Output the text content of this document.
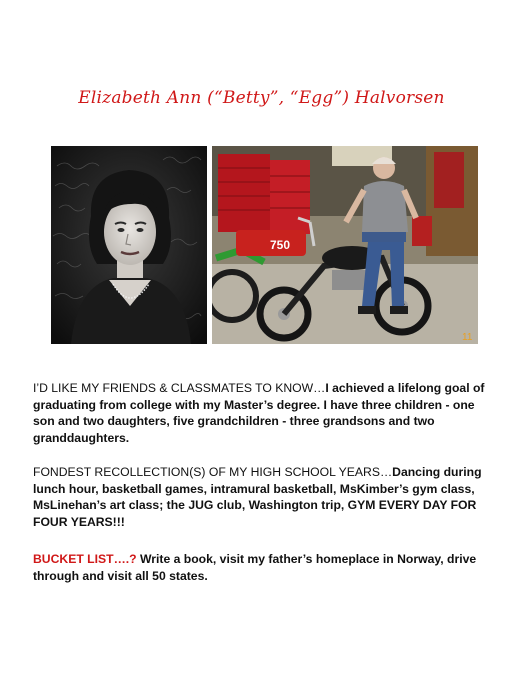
Elizabeth Ann (“Betty”, “Egg”) Halvorsen
750
11
I’D LIKE MY FRIENDS & CLASSMATES TO KNOW…I achieved a lifelong goal of graduating from college with my Master’s degree. I have three children - one son and two daughters, five grandchildren - three grandsons and two granddaughters.
FONDEST RECOLLECTION(S) OF MY HIGH SCHOOL YEARS…Dancing during lunch hour, basketball games, intramural basketball, MsKimber’s gym class, MsLinehan’s art class; the JUG club, Washington trip, GYM EVERY DAY FOR FOUR YEARS!!!
BUCKET LIST….? Write a book, visit my father’s homeplace in Norway, drive through and visit all 50 states.
